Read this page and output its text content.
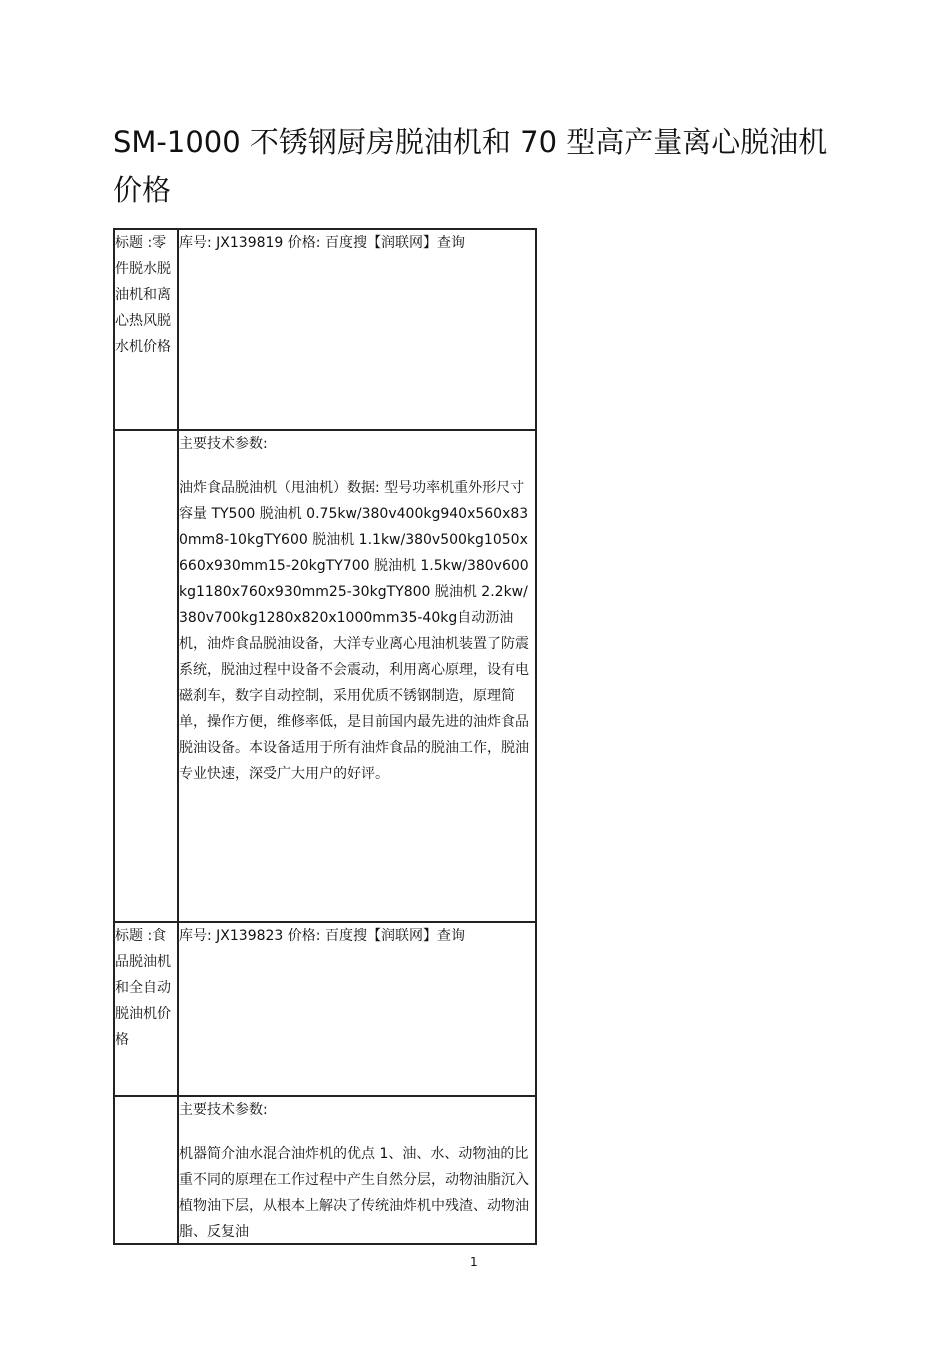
SM-1000 不锈钢厨房脱油机和 70 型高产量离心脱油机价格
标题 :零件脱水脱油机和离心热风脱水机价格	库号: JX139819 价格: 百度搜【润联网】查询

	主要技术参数:
油炸食品脱油机（甩油机）数据: 型号功率机重外形尺寸容量 TY500 脱油机 0.75kw/380v400kg940x560x830mm8-10kgTY600 脱油机 1.1kw/380v500kg1050x660x930mm15-20kgTY700 脱油机 1.5kw/380v600kg1180x760x930mm25-30kgTY800 脱油机 2.2kw/380v700kg1280x820x1000mm35-40kg自动沥油机，油炸食品脱油设备，大洋专业离心甩油机装置了防震系统，脱油过程中设备不会震动，利用离心原理，设有电磁刹车，数字自动控制，采用优质不锈钢制造，原理简单，操作方便，维修率低，是目前国内最先进的油炸食品脱油设备。本设备适用于所有油炸食品的脱油工作，脱油专业快速，深受广大用户的好评。

标题 :食品脱油机和全自动脱油机价格	库号: JX139823 价格: 百度搜【润联网】查询

	主要技术参数:
机器简介油水混合油炸机的优点 1、油、水、动物油的比重不同的原理在工作过程中产生自然分层，动物油脂沉入植物油下层，从根本上解决了传统油炸机中残渣、动物油脂、反复油
1
